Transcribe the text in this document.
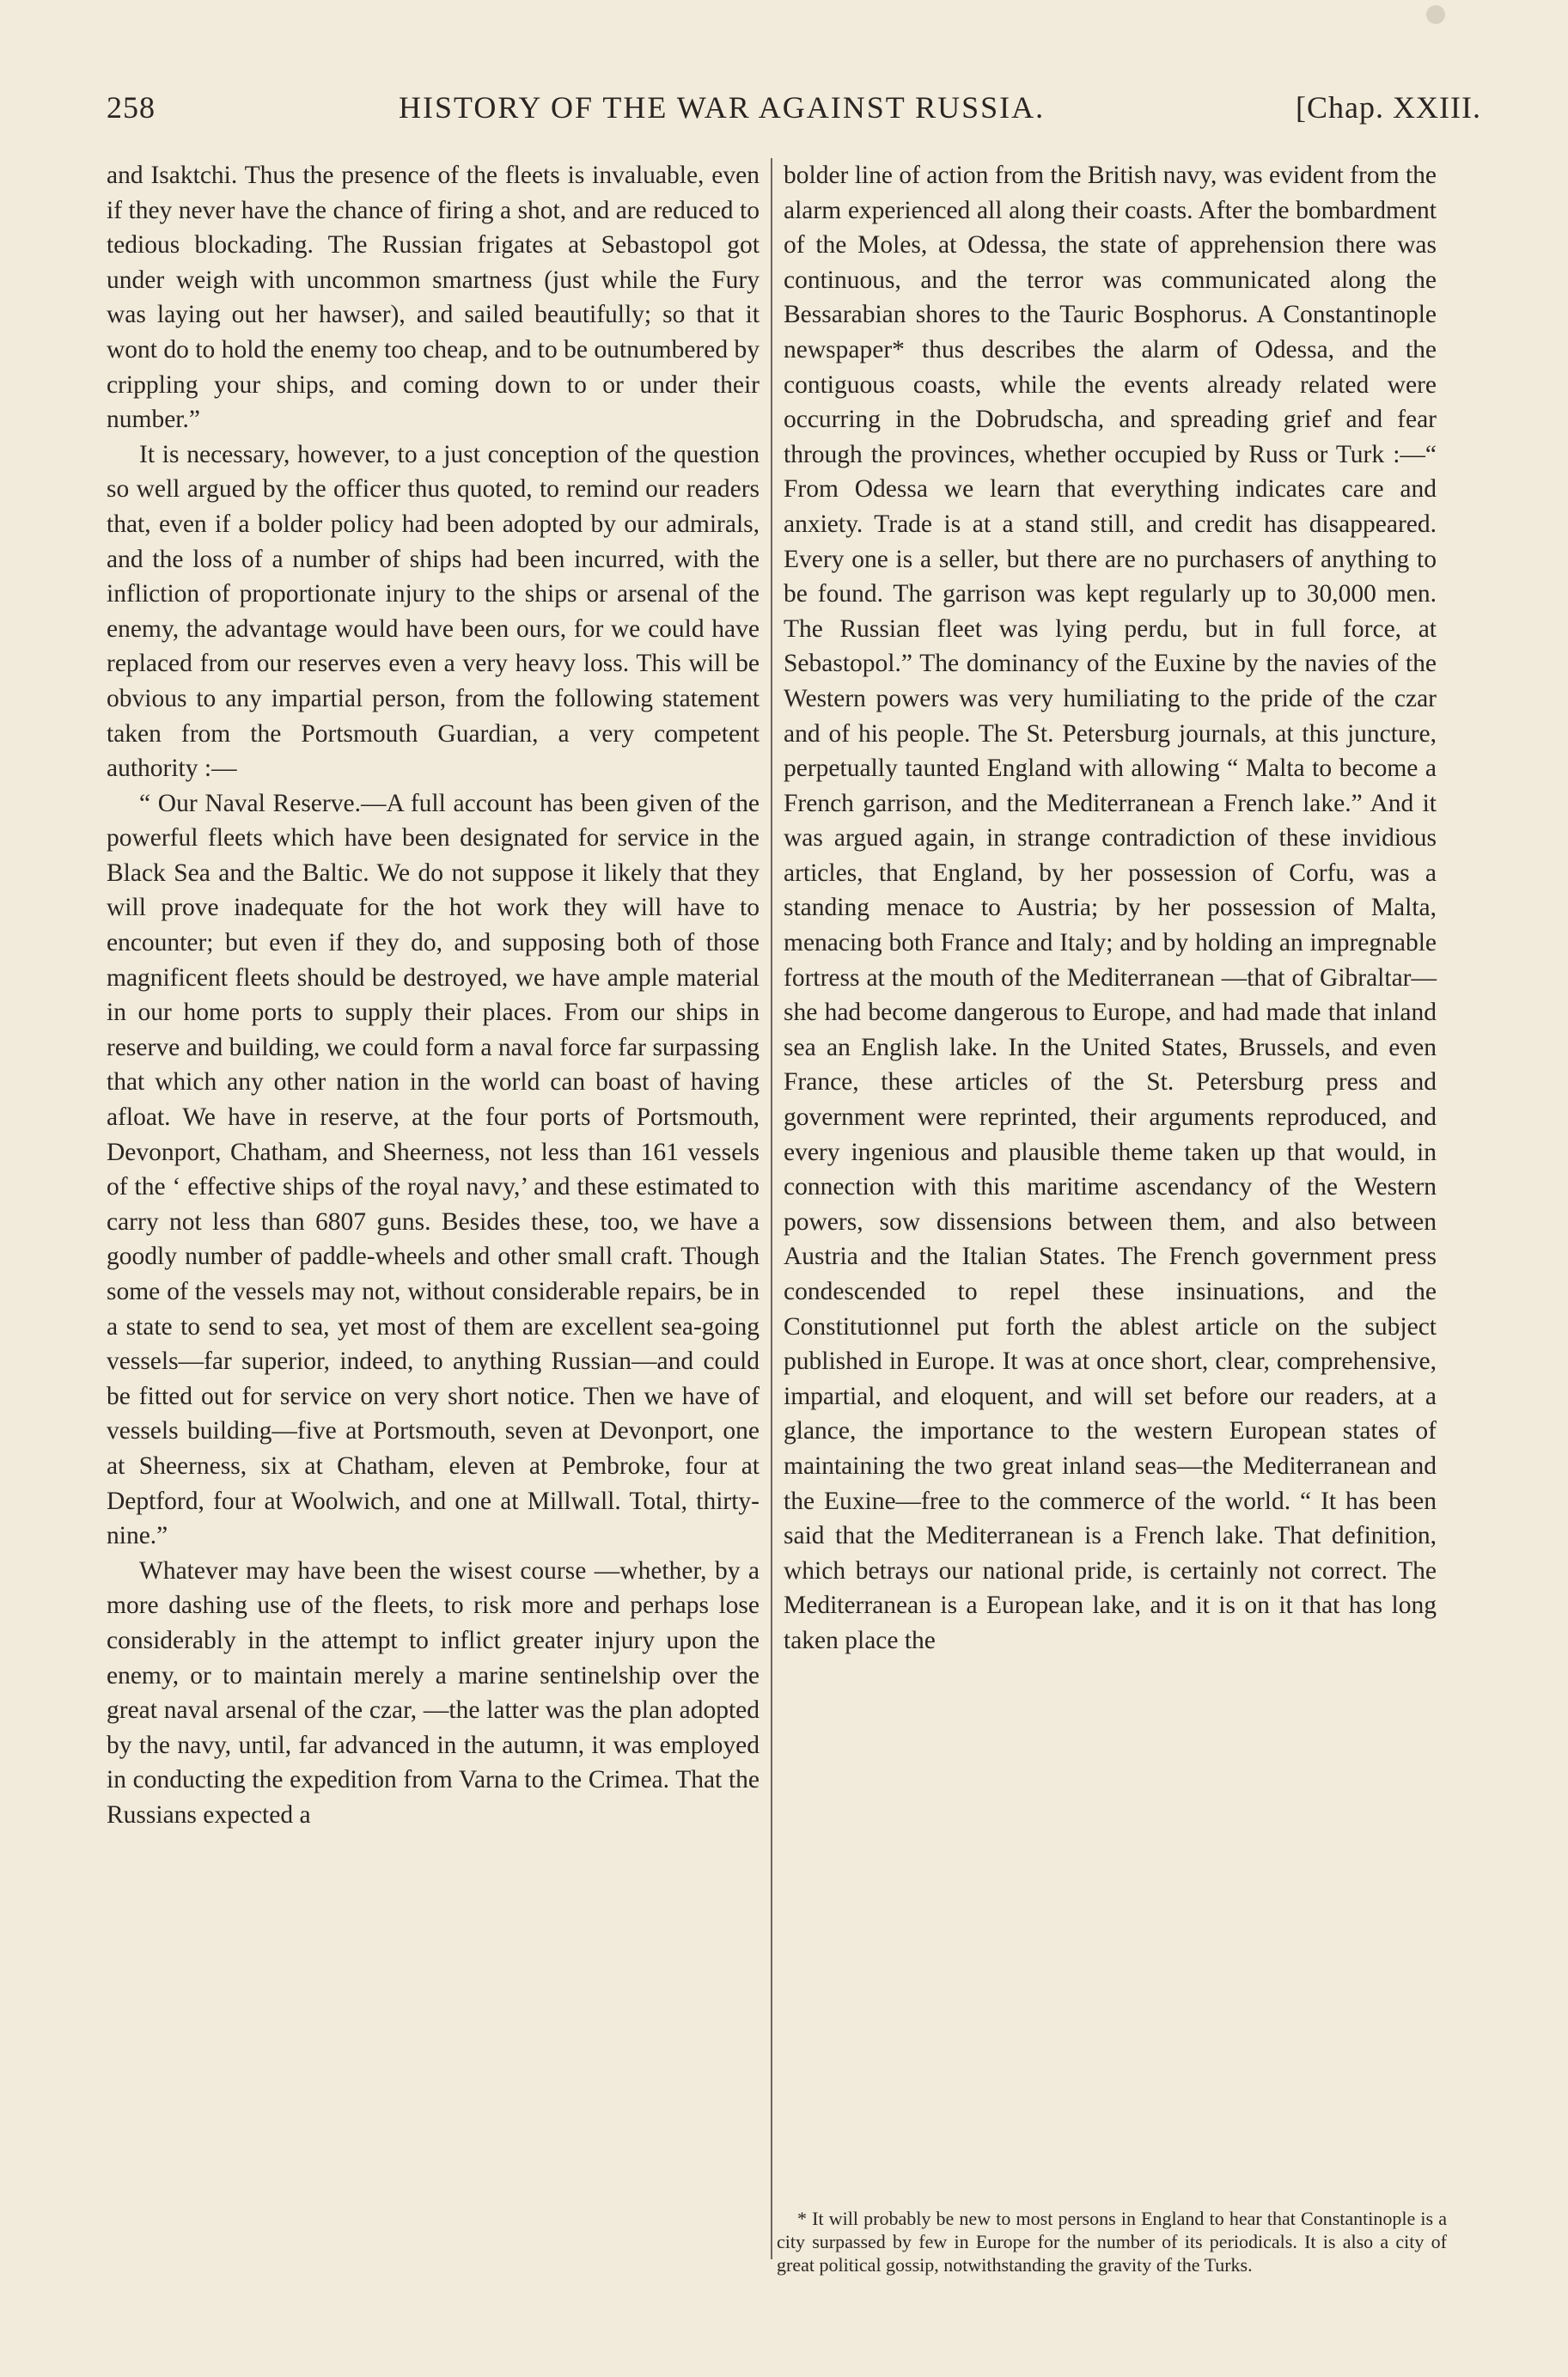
258	HISTORY OF THE WAR AGAINST RUSSIA.	[Chap. XXIII.

and Isaktchi. Thus the presence of the fleets is invaluable, even if they never have the chance of firing a shot, and are reduced to tedious blockading. The Russian frigates at Sebastopol got under weigh with uncommon smartness (just while the Fury was laying out her hawser), and sailed beautifully; so that it wont do to hold the enemy too cheap, and to be outnumbered by crippling your ships, and coming down to or under their number.”

It is necessary, however, to a just conception of the question so well argued by the officer thus quoted, to remind our readers that, even if a bolder policy had been adopted by our admirals, and the loss of a number of ships had been incurred, with the infliction of proportionate injury to the ships or arsenal of the enemy, the advantage would have been ours, for we could have replaced from our reserves even a very heavy loss. This will be obvious to any impartial person, from the following statement taken from the Portsmouth Guardian, a very competent authority :—

“ Our Naval Reserve.—A full account has been given of the powerful fleets which have been designated for service in the Black Sea and the Baltic. We do not suppose it likely that they will prove inadequate for the hot work they will have to encounter; but even if they do, and supposing both of those magnificent fleets should be destroyed, we have ample material in our home ports to supply their places. From our ships in reserve and building, we could form a naval force far surpassing that which any other nation in the world can boast of having afloat. We have in reserve, at the four ports of Portsmouth, Devonport, Chatham, and Sheerness, not less than 161 vessels of the ‘ effective ships of the royal navy,’ and these estimated to carry not less than 6807 guns. Besides these, too, we have a goodly number of paddle-wheels and other small craft. Though some of the vessels may not, without considerable repairs, be in a state to send to sea, yet most of them are excellent sea-going vessels—far superior, indeed, to anything Russian—and could be fitted out for service on very short notice. Then we have of vessels building—five at Portsmouth, seven at Devonport, one at Sheerness, six at Chatham, eleven at Pembroke, four at Deptford, four at Woolwich, and one at Millwall. Total, thirty-nine.”

Whatever may have been the wisest course —whether, by a more dashing use of the fleets, to risk more and perhaps lose considerably in the attempt to inflict greater injury upon the enemy, or to maintain merely a marine sentinelship over the great naval arsenal of the czar, —the latter was the plan adopted by the navy, until, far advanced in the autumn, it was employed in conducting the expedition from Varna to the Crimea. That the Russians expected a

bolder line of action from the British navy, was evident from the alarm experienced all along their coasts. After the bombardment of the Moles, at Odessa, the state of apprehension there was continuous, and the terror was communicated along the Bessarabian shores to the Tauric Bosphorus. A Constantinople newspaper* thus describes the alarm of Odessa, and the contiguous coasts, while the events already related were occurring in the Dobrudscha, and spreading grief and fear through the provinces, whether occupied by Russ or Turk :—“ From Odessa we learn that everything indicates care and anxiety. Trade is at a stand still, and credit has disappeared. Every one is a seller, but there are no purchasers of anything to be found. The garrison was kept regularly up to 30,000 men. The Russian fleet was lying perdu, but in full force, at Sebastopol.” The dominancy of the Euxine by the navies of the Western powers was very humiliating to the pride of the czar and of his people. The St. Petersburg journals, at this juncture, perpetually taunted England with allowing “ Malta to become a French garrison, and the Mediterranean a French lake.” And it was argued again, in strange contradiction of these invidious articles, that England, by her possession of Corfu, was a standing menace to Austria; by her possession of Malta, menacing both France and Italy; and by holding an impregnable fortress at the mouth of the Mediterranean —that of Gibraltar—she had become dangerous to Europe, and had made that inland sea an English lake. In the United States, Brussels, and even France, these articles of the St. Petersburg press and government were reprinted, their arguments reproduced, and every ingenious and plausible theme taken up that would, in connection with this maritime ascendancy of the Western powers, sow dissensions between them, and also between Austria and the Italian States. The French government press condescended to repel these insinuations, and the Constitutionnel put forth the ablest article on the subject published in Europe. It was at once short, clear, comprehensive, impartial, and eloquent, and will set before our readers, at a glance, the importance to the western European states of maintaining the two great inland seas—the Mediterranean and the Euxine—free to the commerce of the world. “ It has been said that the Mediterranean is a French lake. That definition, which betrays our national pride, is certainly not correct. The Mediterranean is a European lake, and it is on it that has long taken place the

* It will probably be new to most persons in England to hear that Constantinople is a city surpassed by few in Europe for the number of its periodicals. It is also a city of great political gossip, notwithstanding the gravity of the Turks.
